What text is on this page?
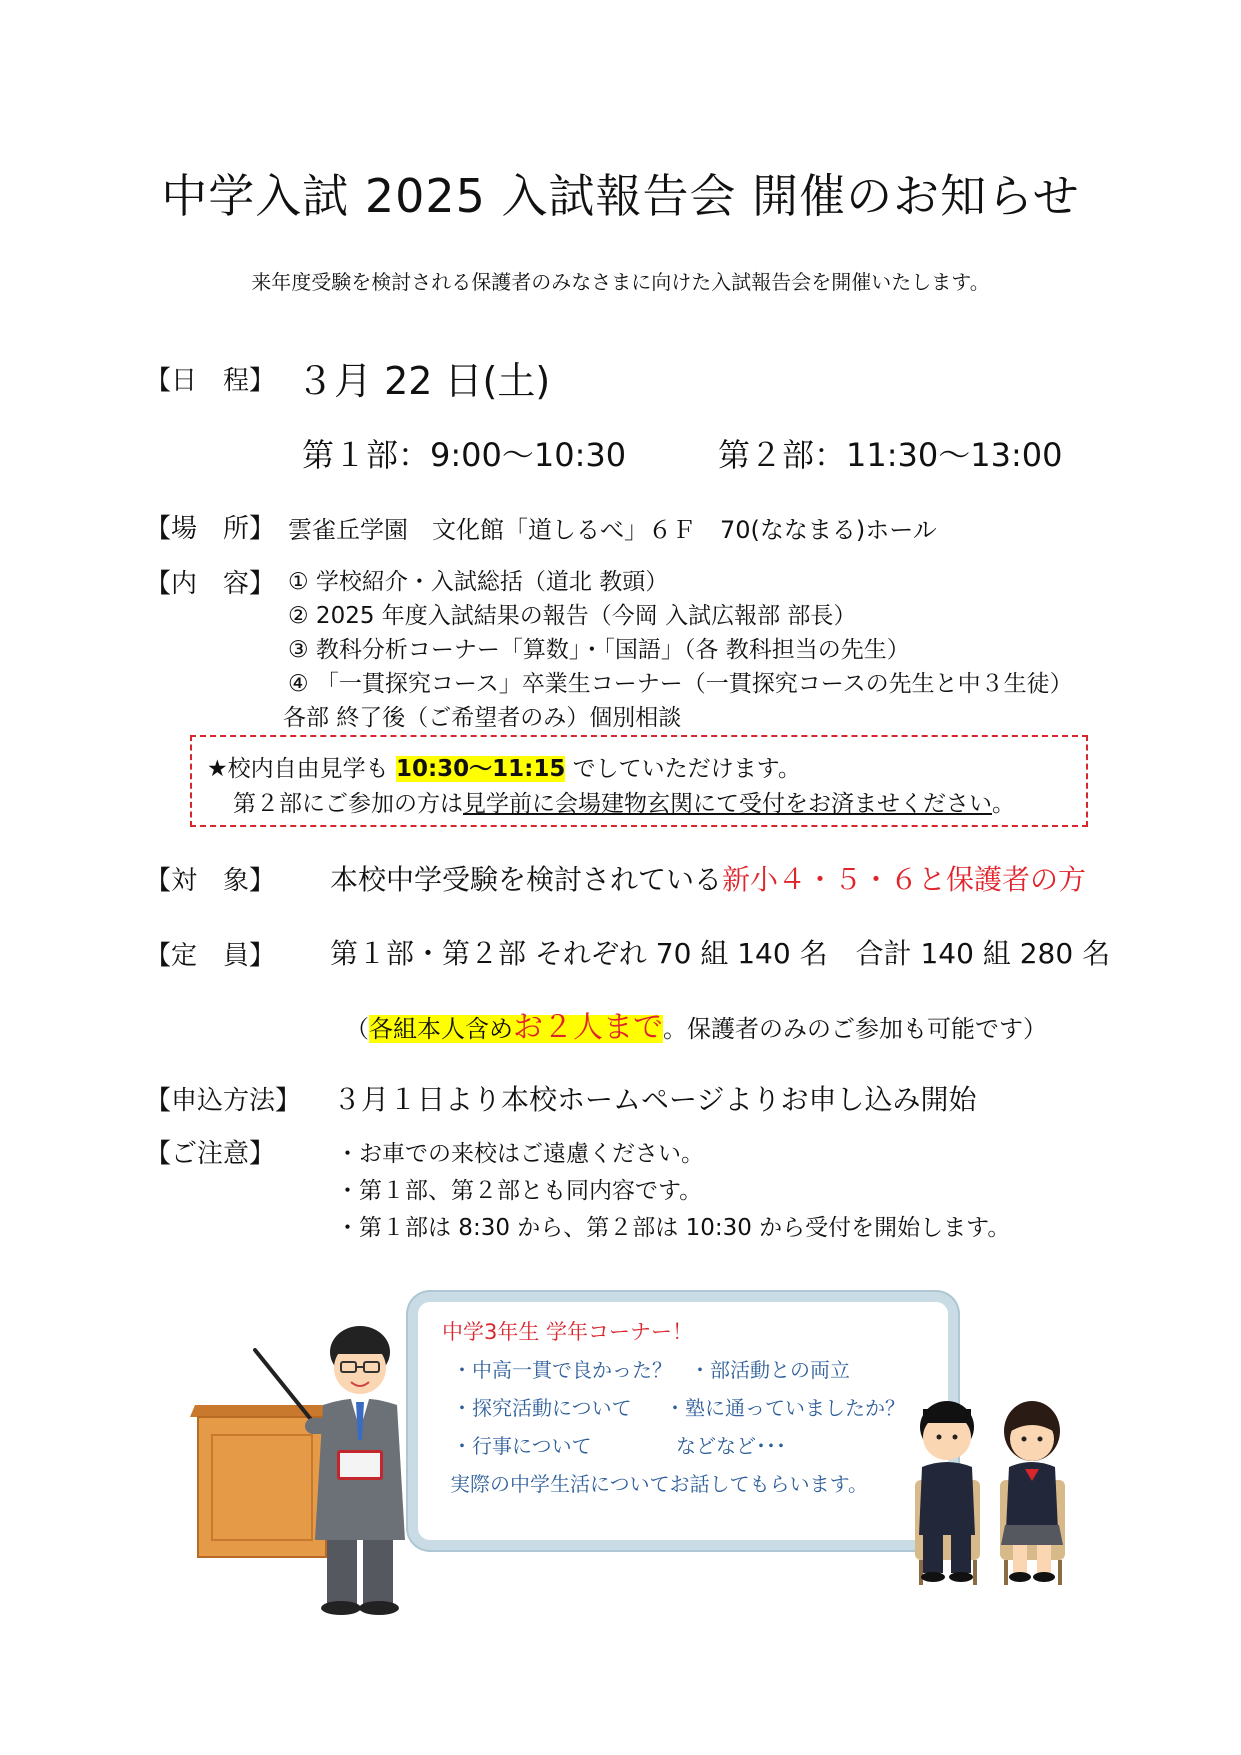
中学入試 2025 入試報告会 開催のお知らせ
来年度受験を検討される保護者のみなさまに向けた入試報告会を開催いたします。
【日　程】 ３月 22 日(土)
第１部：9:00～10:30	第２部：11:30～13:00
【場　所】 雲雀丘学園　文化館「道しるべ」６Ｆ　70(ななまる)ホール
【内　容】 ① 学校紹介・入試総括（道北 教頭）
② 2025 年度入試結果の報告（今岡 入試広報部 部長）
③ 教科分析コーナー「算数」・「国語」（各 教科担当の先生）
④ 「一貫探究コース」卒業生コーナー（一貫探究コースの先生と中３生徒）
各部 終了後（ご希望者のみ）個別相談
★校内自由見学も 10:30～11:15 でしていただけます。
第２部にご参加の方は見学前に会場建物玄関にて受付をお済ませください。
【対　象】 本校中学受験を検討されている新小４・５・６と保護者の方
【定　員】 第１部・第２部 それぞれ 70 組 140 名　合計 140 組 280 名
（各組本人含めお２人まで。保護者のみのご参加も可能です）
【申込方法】 ３月１日より本校ホームページよりお申し込み開始
【ご注意】	・お車での来校はご遠慮ください。
・第１部、第２部とも同内容です。
・第１部は 8:30 から、第２部は 10:30 から受付を開始します。
中学3年生 学年コーナー！
・中高一貫で良かった？ ・部活動との両立
・探究活動について ・塾に通っていましたか？
・行事について	などなど･･･
実際の中学生活についてお話してもらいます。
